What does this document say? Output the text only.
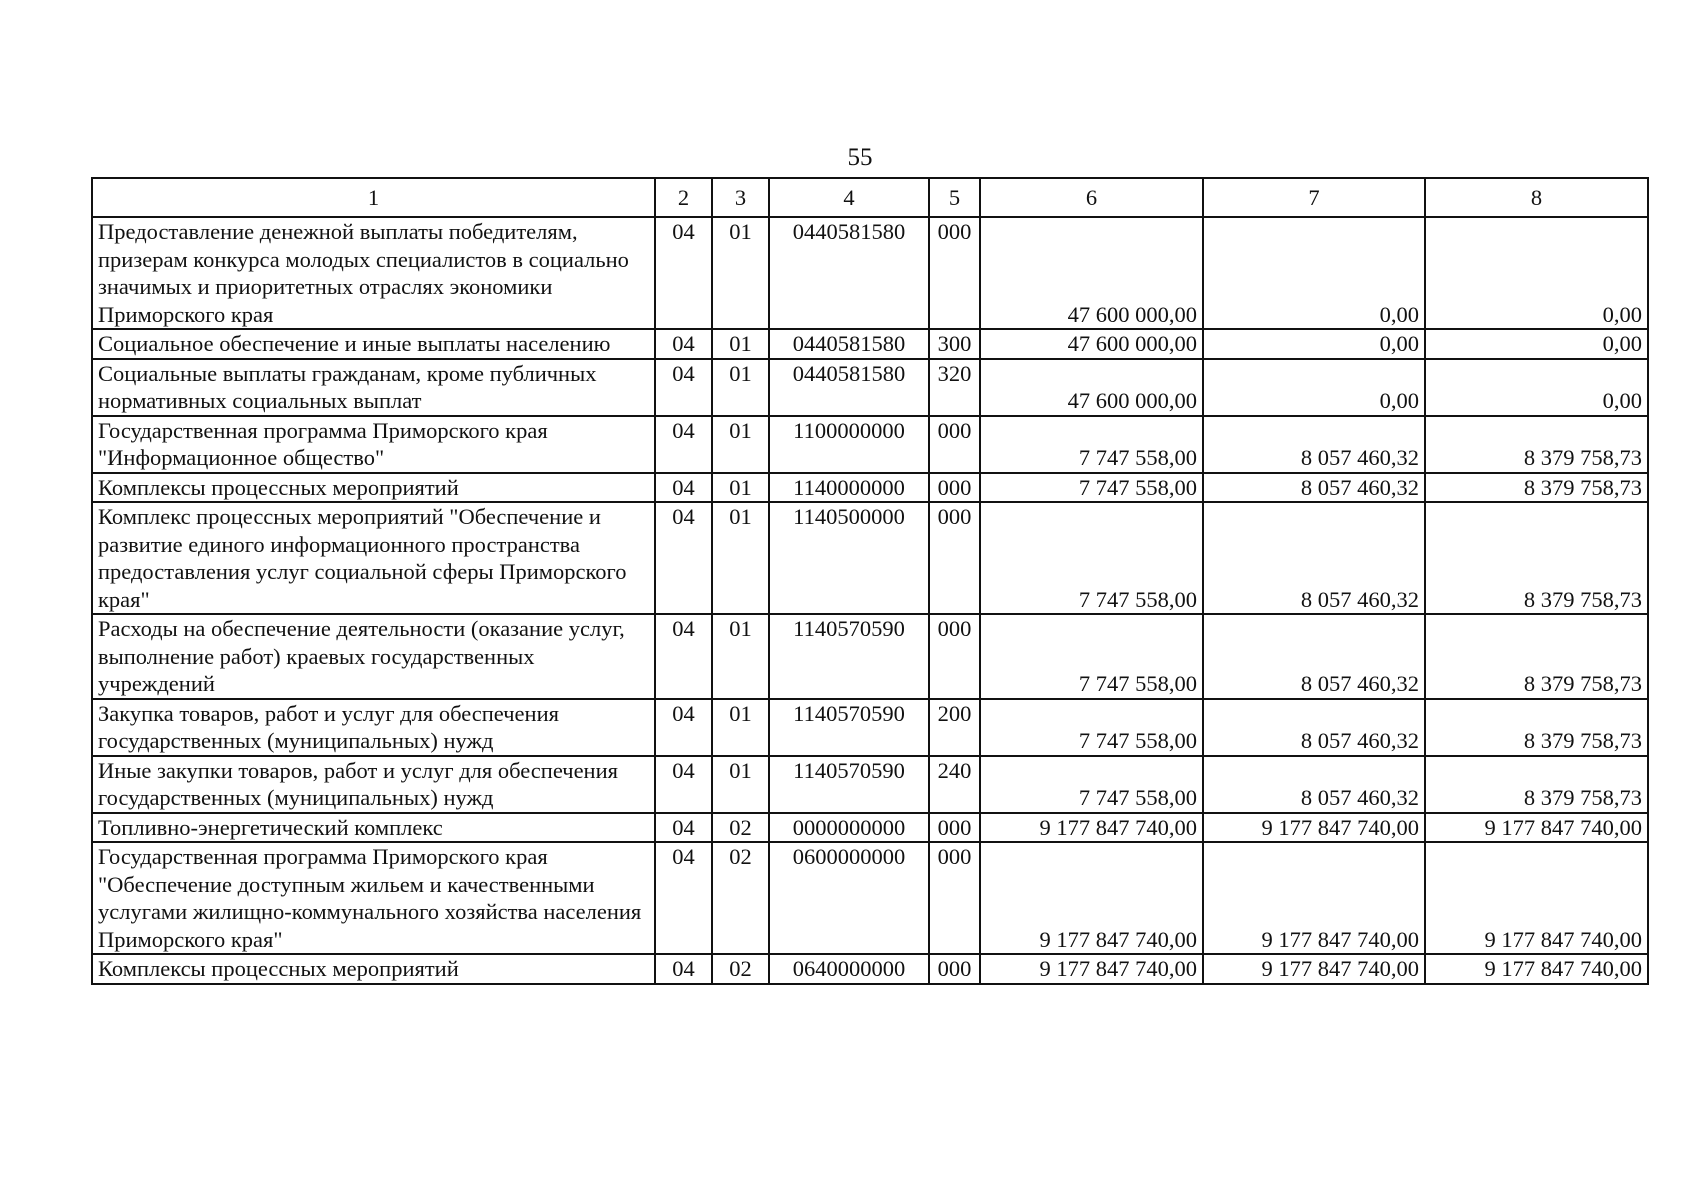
55
1	2	3	4	5	6	7	8
Предоставление денежной выплаты победителям, призерам конкурса молодых специалистов в социально значимых и приоритетных отраслях экономики Приморского края	04	01	0440581580	000	47 600 000,00	0,00	0,00
Социальное обеспечение и иные выплаты населению	04	01	0440581580	300	47 600 000,00	0,00	0,00
Социальные выплаты гражданам, кроме публичных нормативных социальных выплат	04	01	0440581580	320	47 600 000,00	0,00	0,00
Государственная программа Приморского края "Информационное общество"	04	01	1100000000	000	7 747 558,00	8 057 460,32	8 379 758,73
Комплексы процессных мероприятий	04	01	1140000000	000	7 747 558,00	8 057 460,32	8 379 758,73
Комплекс процессных мероприятий "Обеспечение и развитие единого информационного пространства предоставления услуг социальной сферы Приморского края"	04	01	1140500000	000	7 747 558,00	8 057 460,32	8 379 758,73
Расходы на обеспечение деятельности (оказание услуг, выполнение работ) краевых государственных учреждений	04	01	1140570590	000	7 747 558,00	8 057 460,32	8 379 758,73
Закупка товаров, работ и услуг для обеспечения государственных (муниципальных) нужд	04	01	1140570590	200	7 747 558,00	8 057 460,32	8 379 758,73
Иные закупки товаров, работ и услуг для обеспечения государственных (муниципальных) нужд	04	01	1140570590	240	7 747 558,00	8 057 460,32	8 379 758,73
Топливно-энергетический комплекс	04	02	0000000000	000	9 177 847 740,00	9 177 847 740,00	9 177 847 740,00
Государственная программа Приморского края "Обеспечение доступным жильем и качественными услугами жилищно-коммунального хозяйства населения Приморского края"	04	02	0600000000	000	9 177 847 740,00	9 177 847 740,00	9 177 847 740,00
Комплексы процессных мероприятий	04	02	0640000000	000	9 177 847 740,00	9 177 847 740,00	9 177 847 740,00
